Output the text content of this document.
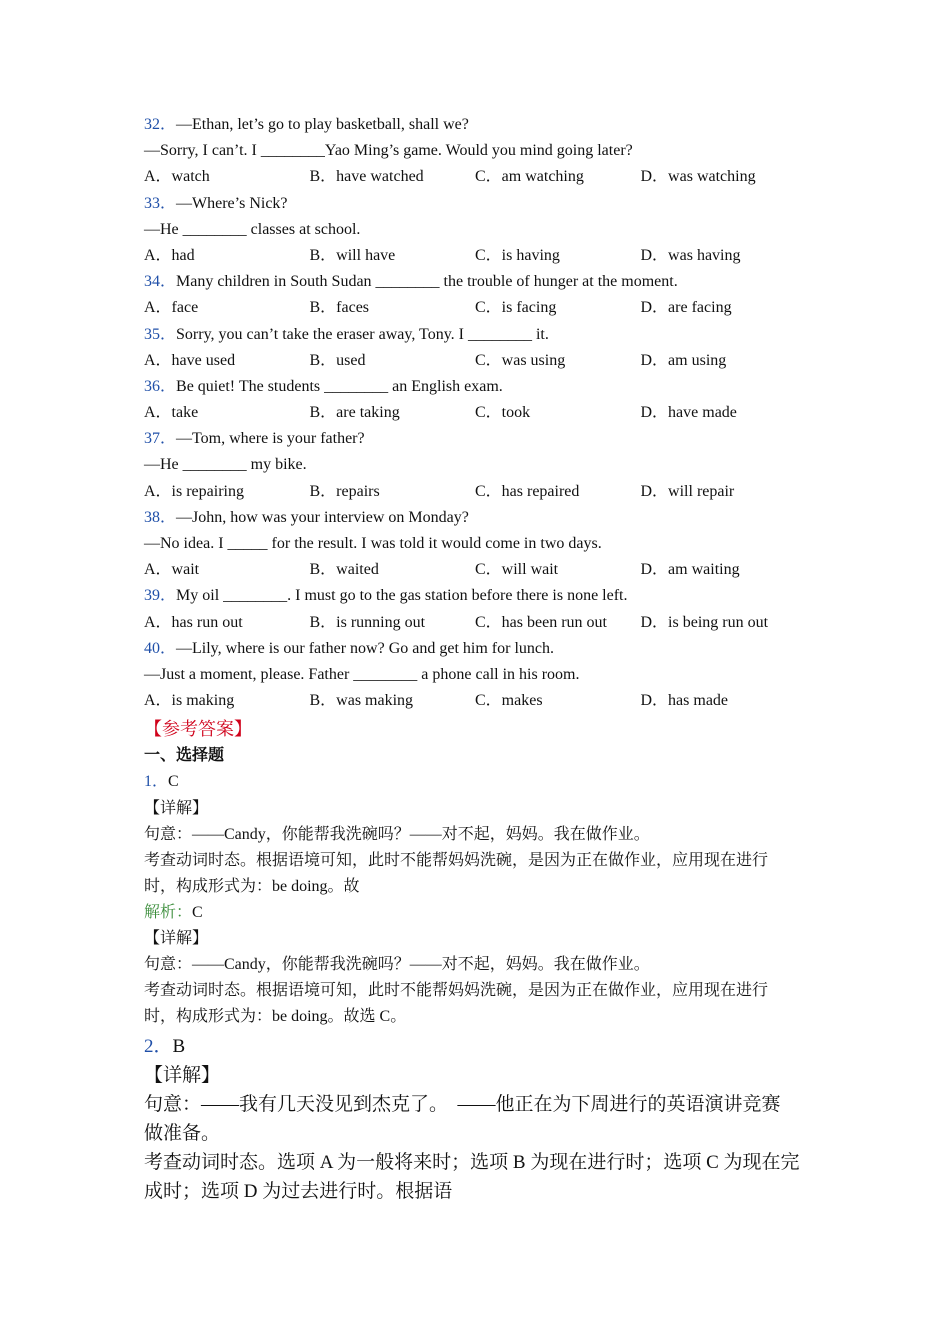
32．—Ethan, let’s go to play basketball, shall we?
—Sorry, I can’t. I ________Yao Ming’s game. Would you mind going later?
A．watch	B．have watched	C．am watching	D．was watching
33．—Where’s Nick?
—He ________ classes at school.
A．had	B．will have	C．is having	D．was having
34．Many children in South Sudan ________ the trouble of hunger at the moment.
A．face	B．faces	C．is facing	D．are facing
35．Sorry, you can’t take the eraser away, Tony. I ________ it.
A．have used	B．used	C．was using	D．am using
36．Be quiet! The students ________ an English exam.
A．take	B．are taking	C．took	D．have made
37．—Tom, where is your father?
—He ________ my bike.
A．is repairing	B．repairs	C．has repaired	D．will repair
38．—John, how was your interview on Monday?
—No idea. I _____ for the result. I was told it would come in two days.
A．wait	B．waited	C．will wait	D．am waiting
39．My oil ________. I must go to the gas station before there is none left.
A．has run out	B．is running out	C．has been run out	D．is being run out
40．—Lily, where is our father now? Go and get him for lunch.
—Just a moment, please. Father ________ a phone call in his room.
A．is making	B．was making	C．makes	D．has made
【参考答案】
一、选择题
1．C
【详解】
句意：——Candy，你能帮我洗碗吗？——对不起，妈妈。我在做作业。
考查动词时态。根据语境可知，此时不能帮妈妈洗碗，是因为正在做作业，应用现在进行
时，构成形式为：be doing。故
解析：C
【详解】
句意：——Candy，你能帮我洗碗吗？——对不起，妈妈。我在做作业。
考查动词时态。根据语境可知，此时不能帮妈妈洗碗，是因为正在做作业，应用现在进行
时，构成形式为：be doing。故选 C。
2．B
【详解】
句意：——我有几天没见到杰克了。　——他正在为下周进行的英语演讲竞赛
做准备。
考查动词时态。选项 A 为一般将来时；选项 B 为现在进行时；选项 C 为现在完
成时；选项 D 为过去进行时。根据语
